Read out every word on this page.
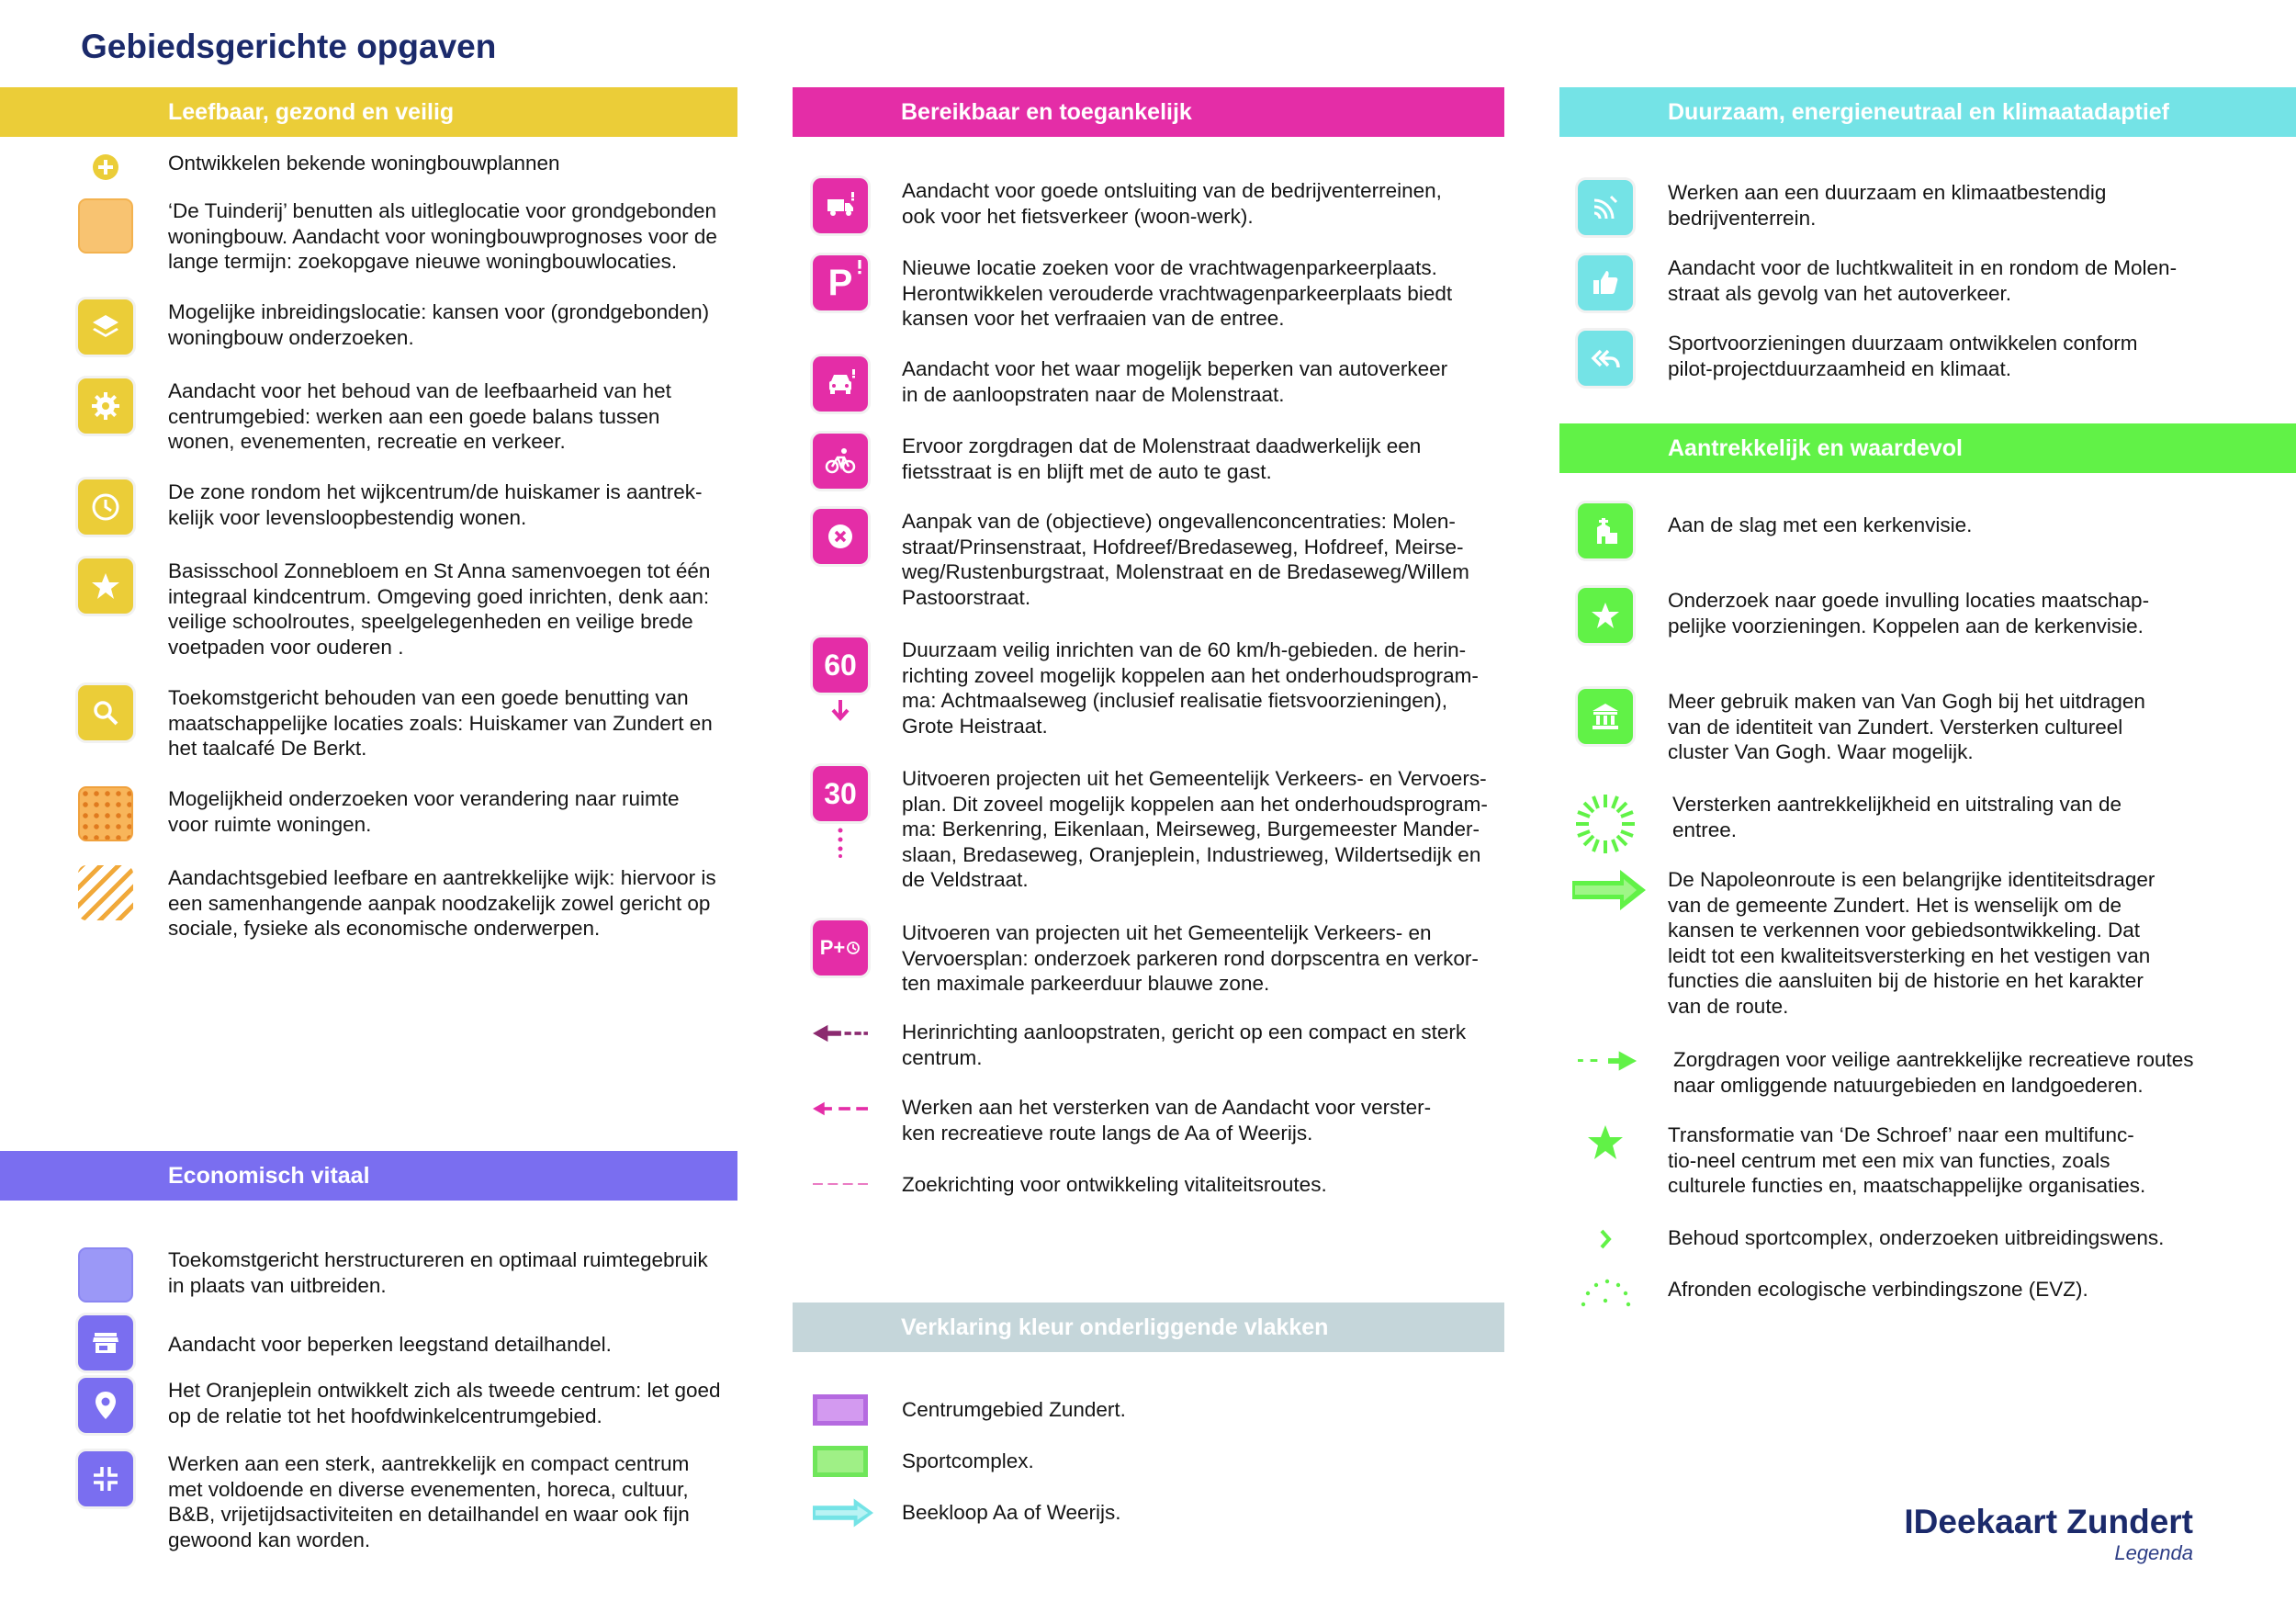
Gebiedsgerichte opgaven
Leefbaar, gezond en veilig
Ontwikkelen bekende woningbouwplannen
‘De Tuinderij’ benutten als uitleglocatie voor grondgebonden
woningbouw. Aandacht voor woningbouwprognoses voor de
lange termijn: zoekopgave nieuwe woningbouwlocaties.
Mogelijke inbreidingslocatie: kansen voor (grondgebonden)
woningbouw onderzoeken.
Aandacht voor het behoud van de leefbaarheid van het
centrumgebied: werken aan een goede balans tussen
wonen, evenementen, recreatie en verkeer.
De zone rondom het wijkcentrum/de huiskamer is aantrek-
kelijk voor levensloopbestendig wonen.
Basisschool Zonnebloem en St Anna samenvoegen tot één
integraal kindcentrum. Omgeving goed inrichten, denk aan:
veilige schoolroutes, speelgelegenheden en veilige brede
voetpaden voor ouderen .
Toekomstgericht behouden van een goede benutting van
maatschappelijke locaties zoals: Huiskamer van Zundert en
het taalcafé De Berkt.
Mogelijkheid onderzoeken voor verandering naar ruimte
voor ruimte woningen.
Aandachtsgebied leefbare en aantrekkelijke wijk: hiervoor is
een samenhangende aanpak noodzakelijk zowel gericht op
sociale, fysieke als economische onderwerpen.
Economisch vitaal
Toekomstgericht herstructureren en optimaal ruimtegebruik
in plaats van uitbreiden.
Aandacht voor beperken leegstand detailhandel.
Het Oranjeplein ontwikkelt zich als tweede centrum: let goed
op de relatie tot het hoofdwinkelcentrumgebied.
Werken aan een sterk, aantrekkelijk en compact centrum
met voldoende en diverse evenementen, horeca, cultuur,
B&B, vrijetijdsactiviteiten en detailhandel en waar ook fijn
gewoond kan worden.
Bereikbaar en toegankelijk
Aandacht voor goede ontsluiting van de bedrijventerreinen,
ook voor het fietsverkeer (woon-werk).
P Nieuwe locatie zoeken voor de vrachtwagenparkeerplaats.
Herontwikkelen verouderde vrachtwagenparkeerplaats biedt
kansen voor het verfraaien van de entree.
Aandacht voor het waar mogelijk beperken van autoverkeer
in de aanloopstraten naar de Molenstraat.
Ervoor zorgdragen dat de Molenstraat daadwerkelijk een
fietsstraat is en blijft met de auto te gast.
Aanpak van de (objectieve) ongevallenconcentraties: Molen-
straat/Prinsenstraat, Hofdreef/Bredaseweg, Hofdreef, Meirse-
weg/Rustenburgstraat, Molenstraat en de Bredaseweg/Willem
Pastoorstraat.
60 Duurzaam veilig inrichten van de 60 km/h-gebieden. de herin-
richting zoveel mogelijk koppelen aan het onderhoudsprogram-
ma: Achtmaalseweg (inclusief realisatie fietsvoorzieningen),
Grote Heistraat.
30 Uitvoeren projecten uit het Gemeentelijk Verkeers- en Vervoers-
plan. Dit zoveel mogelijk koppelen aan het onderhoudsprogram-
ma: Berkenring, Eikenlaan, Meirseweg, Burgemeester Mander-
slaan, Bredaseweg, Oranjeplein, Industrieweg, Wildertsedijk en
de Veldstraat.
P+
Uitvoeren van projecten uit het Gemeentelijk Verkeers- en
Vervoersplan: onderzoek parkeren rond dorpscentra en verkor-
ten maximale parkeerduur blauwe zone.
Herinrichting aanloopstraten, gericht op een compact en sterk
centrum.
Werken aan het versterken van de Aandacht voor verster-
ken recreatieve route langs de Aa of Weerijs.
Zoekrichting voor ontwikkeling vitaliteitsroutes.
Verklaring kleur onderliggende vlakken
Centrumgebied Zundert.
Sportcomplex.
Beekloop Aa of Weerijs.
Duurzaam, energieneutraal en klimaatadaptief
Werken aan een duurzaam en klimaatbestendig
bedrijventerrein.
Aandacht voor de luchtkwaliteit in en rondom de Molen-
straat als gevolg van het autoverkeer.
Sportvoorzieningen duurzaam ontwikkelen conform
pilot-projectduurzaamheid en klimaat.
Aantrekkelijk en waardevol
Aan de slag met een kerkenvisie.
Onderzoek naar goede invulling locaties maatschap-
pelijke voorzieningen. Koppelen aan de kerkenvisie.
Meer gebruik maken van Van Gogh bij het uitdragen
van de identiteit van Zundert. Versterken cultureel
cluster Van Gogh. Waar mogelijk.
Versterken aantrekkelijkheid en uitstraling van de
entree.
De Napoleonroute is een belangrijke identiteitsdrager
van de gemeente Zundert. Het is wenselijk om de
kansen te verkennen voor gebiedsontwikkeling. Dat
leidt tot een kwaliteitsversterking en het vestigen van
functies die aansluiten bij de historie en het karakter
van de route.
Zorgdragen voor veilige aantrekkelijke recreatieve routes
naar omliggende natuurgebieden en landgoederen.
Transformatie van ‘De Schroef’ naar een multifunc-
tio-neel centrum met een mix van functies, zoals
culturele functies en, maatschappelijke organisaties.
Behoud sportcomplex, onderzoeken uitbreidingswens.
Afronden ecologische verbindingszone (EVZ).
IDeekaart Zundert
Legenda
